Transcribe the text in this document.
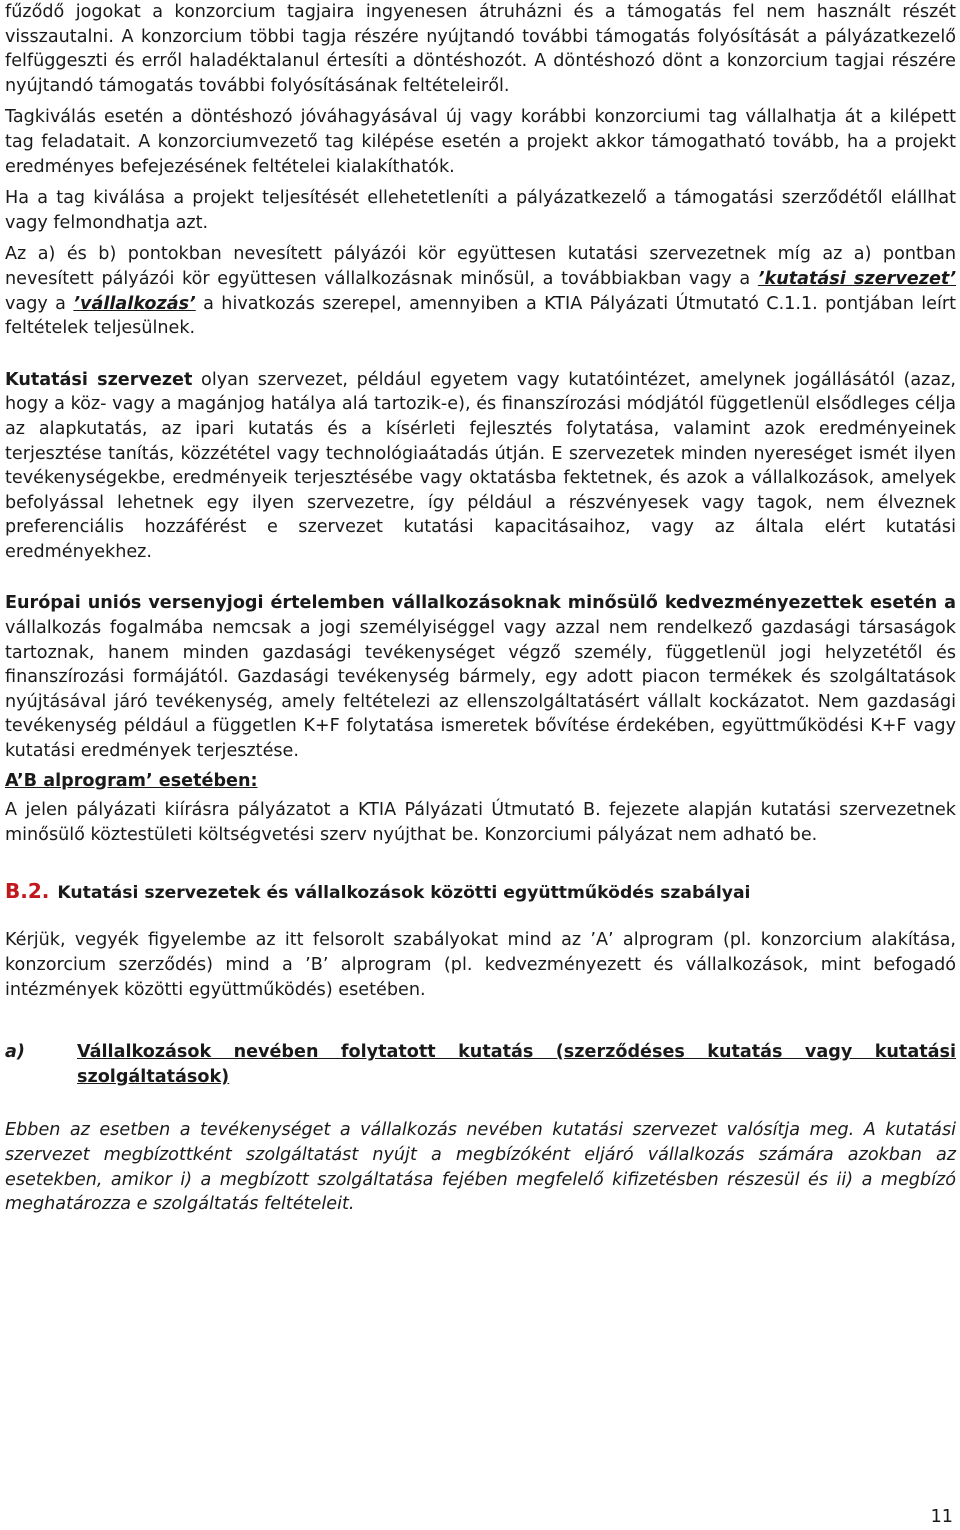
fűződő jogokat a konzorcium tagjaira ingyenesen átruházni és a támogatás fel nem használt részét visszautalni. A konzorcium többi tagja részére nyújtandó további támogatás folyósítását a pályázatkezelő felfüggeszti és erről haladéktalanul értesíti a döntéshozót. A döntéshozó dönt a konzorcium tagjai részére nyújtandó támogatás további folyósításának feltételeiről.

Tagkiválás esetén a döntéshozó jóváhagyásával új vagy korábbi konzorciumi tag vállalhatja át a kilépett tag feladatait. A konzorciumvezető tag kilépése esetén a projekt akkor támogatható tovább, ha a projekt eredményes befejezésének feltételei kialakíthatók.

Ha a tag kiválása a projekt teljesítését ellehetetleníti a pályázatkezelő a támogatási szerződétől elállhat vagy felmondhatja azt.

Az a) és b) pontokban nevesített pályázói kör együttesen kutatási szervezetnek míg az a) pontban nevesített pályázói kör együttesen vállalkozásnak minősül, a továbbiakban vagy a ’kutatási szervezet’ vagy a ’vállalkozás’ a hivatkozás szerepel, amennyiben a KTIA Pályázati Útmutató C.1.1. pontjában leírt feltételek teljesülnek.

Kutatási szervezet olyan szervezet, például egyetem vagy kutatóintézet, amelynek jogállásától (azaz, hogy a köz- vagy a magánjog hatálya alá tartozik-e), és finanszírozási módjától függetlenül elsődleges célja az alapkutatás, az ipari kutatás és a kísérleti fejlesztés folytatása, valamint azok eredményeinek terjesztése tanítás, közzététel vagy technológiaátadás útján. E szervezetek minden nyereséget ismét ilyen tevékenységekbe, eredményeik terjesztésébe vagy oktatásba fektetnek, és azok a vállalkozások, amelyek befolyással lehetnek egy ilyen szervezetre, így például a részvényesek vagy tagok, nem élveznek preferenciális hozzáférést e szervezet kutatási kapacitásaihoz, vagy az általa elért kutatási eredményekhez.

Európai uniós versenyjogi értelemben vállalkozásoknak minősülő kedvezményezettek esetén a vállalkozás fogalmába nemcsak a jogi személyiséggel vagy azzal nem rendelkező gazdasági társaságok tartoznak, hanem minden gazdasági tevékenységet végző személy, függetlenül jogi helyzetétől és finanszírozási formájától. Gazdasági tevékenység bármely, egy adott piacon termékek és szolgáltatások nyújtásával járó tevékenység, amely feltételezi az ellenszolgáltatásért vállalt kockázatot. Nem gazdasági tevékenység például a független K+F folytatása ismeretek bővítése érdekében, együttműködési K+F vagy kutatási eredmények terjesztése.

A’B alprogram’ esetében:

A jelen pályázati kiírásra pályázatot a KTIA Pályázati Útmutató B. fejezete alapján kutatási szervezetnek minősülő köztestületi költségvetési szerv nyújthat be. Konzorciumi pályázat nem adható be.

B.2. Kutatási szervezetek és vállalkozások közötti együttműködés szabályai

Kérjük, vegyék figyelembe az itt felsorolt szabályokat mind az ’A’ alprogram (pl. konzorcium alakítása, konzorcium szerződés) mind a ’B’ alprogram (pl. kedvezményezett és vállalkozások, mint befogadó intézmények közötti együttműködés) esetében.

a)	Vállalkozások nevében folytatott kutatás (szerződéses kutatás vagy kutatási szolgáltatások)

Ebben az esetben a tevékenységet a vállalkozás nevében kutatási szervezet valósítja meg. A kutatási szervezet megbízottként szolgáltatást nyújt a megbízóként eljáró vállalkozás számára azokban az esetekben, amikor i) a megbízott szolgáltatása fejében megfelelő kifizetésben részesül és ii) a megbízó meghatározza e szolgáltatás feltételeit.

11
